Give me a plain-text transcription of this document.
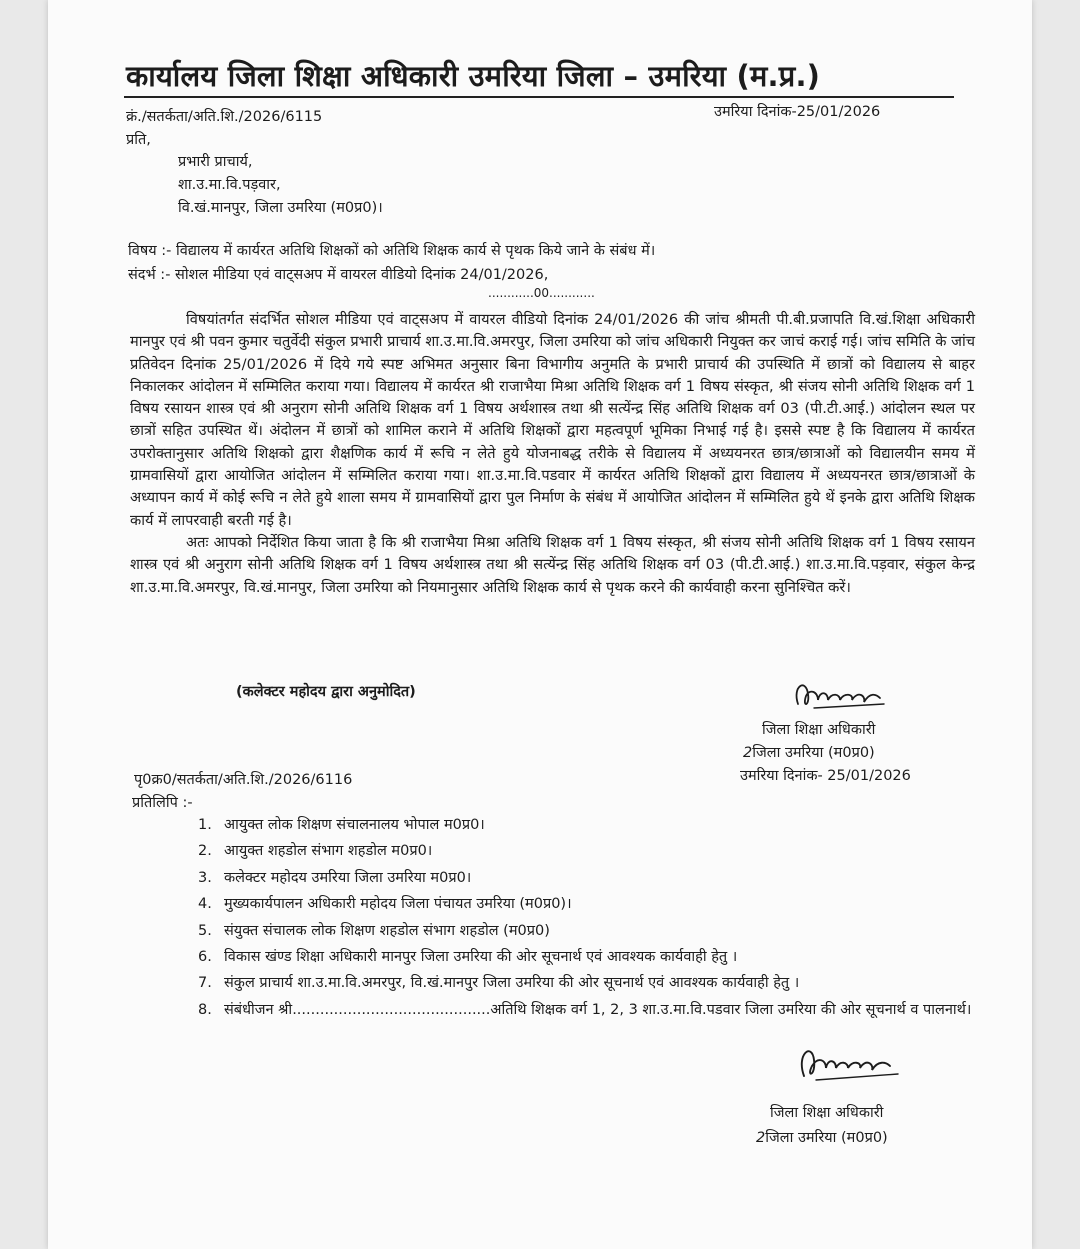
कार्यालय जिला शिक्षा अधिकारी उमरिया जिला – उमरिया (म.प्र.)
क्रं./सतर्कता/अति.शि./2026/6115	उमरिया दिनांक-25/01/2026
प्रति,
प्रभारी प्राचार्य,
शा.उ.मा.वि.पड़वार,
वि.खं.मानपुर, जिला उमरिया (म0प्र0)।
विषय :- विद्यालय में कार्यरत अतिथि शिक्षकों को अतिथि शिक्षक कार्य से पृथक किये जाने के संबंध में।
संदर्भ :- सोशल मीडिया एवं वाट्सअप में वायरल वीडियो दिनांक 24/01/2026,
............00............

विषयांतर्गत संदर्भित सोशल मीडिया एवं वाट्सअप में वायरल वीडियो दिनांक 24/01/2026 की जांच श्रीमती पी.बी.प्रजापति वि.खं.शिक्षा अधिकारी मानपुर एवं श्री पवन कुमार चतुर्वेदी संकुल प्रभारी प्राचार्य शा.उ.मा.वि.अमरपुर, जिला उमरिया को जांच अधिकारी नियुक्त कर जाचं कराई गई। जांच समिति के जांच प्रतिवेदन दिनांक 25/01/2026 में दिये गये स्पष्ट अभिमत अनुसार बिना विभागीय अनुमति के प्रभारी प्राचार्य की उपस्थिति में छात्रों को विद्यालय से बाहर निकालकर आंदोलन में सम्मिलित कराया गया। विद्यालय में कार्यरत श्री राजाभैया मिश्रा अतिथि शिक्षक वर्ग 1 विषय संस्कृत, श्री संजय सोनी अतिथि शिक्षक वर्ग 1 विषय रसायन शास्त्र एवं श्री अनुराग सोनी अतिथि शिक्षक वर्ग 1 विषय अर्थशास्त्र तथा श्री सत्येंन्द्र सिंह अतिथि शिक्षक वर्ग 03 (पी.टी.आई.) आंदोलन स्थल पर छात्रों सहित उपस्थित थें। अंदोलन में छात्रों को शामिल कराने में अतिथि शिक्षकों द्वारा महत्वपूर्ण भूमिका निभाई गई है। इससे स्पष्ट है कि विद्यालय में कार्यरत उपरोक्तानुसार अतिथि शिक्षको द्वारा शैक्षणिक कार्य में रूचि न लेते हुये योजनाबद्ध तरीके से विद्यालय में अध्ययनरत छात्र/छात्राओं को विद्यालयीन समय में ग्रामवासियों द्वारा आयोजित आंदोलन में सम्मिलित कराया गया। शा.उ.मा.वि.पडवार में कार्यरत अतिथि शिक्षकों द्वारा विद्यालय में अध्ययनरत छात्र/छात्राओं के अध्यापन कार्य में कोई रूचि न लेते हुये शाला समय में ग्रामवासियों द्वारा पुल निर्माण के संबंध में आयोजित आंदोलन में सम्मिलित हुये थें इनके द्वारा अतिथि शिक्षक कार्य में लापरवाही बरती गई है।

अतः आपको निर्देशित किया जाता है कि श्री राजाभैया मिश्रा अतिथि शिक्षक वर्ग 1 विषय संस्कृत, श्री संजय सोनी अतिथि शिक्षक वर्ग 1 विषय रसायन शास्त्र एवं श्री अनुराग सोनी अतिथि शिक्षक वर्ग 1 विषय अर्थशास्त्र तथा श्री सत्येंन्द्र सिंह अतिथि शिक्षक वर्ग 03 (पी.टी.आई.) शा.उ.मा.वि.पड़वार, संकुल केन्द्र शा.उ.मा.वि.अमरपुर, वि.खं.मानपुर, जिला उमरिया को नियमानुसार अतिथि शिक्षक कार्य से पृथक करने की कार्यवाही करना सुनिश्चित करें।

(कलेक्टर महोदय द्वारा अनुमोदित)
जिला शिक्षा अधिकारी
2जिला उमरिया (म0प्र0)
पृ0क्र0/सतर्कता/अति.शि./2026/6116	उमरिया दिनांक- 25/01/2026
प्रतिलिपि :-
1. आयुक्त लोक शिक्षण संचालनालय भोपाल म0प्र0।
2. आयुक्त शहडोल संभाग शहडोल म0प्र0।
3. कलेक्टर महोदय उमरिया जिला उमरिया म0प्र0।
4. मुख्यकार्यपालन अधिकारी महोदय जिला पंचायत उमरिया (म0प्र0)।
5. संयुक्त संचालक लोक शिक्षण शहडोल संभाग शहडोल (म0प्र0)
6. विकास खंण्ड शिक्षा अधिकारी मानपुर जिला उमरिया की ओर सूचनार्थ एवं आवश्यक कार्यवाही हेतु ।
7. संकुल प्राचार्य शा.उ.मा.वि.अमरपुर, वि.खं.मानपुर जिला उमरिया की ओर सूचनार्थ एवं आवश्यक कार्यवाही हेतु ।
8. संबंधीजन श्री...........................................अतिथि शिक्षक वर्ग 1, 2, 3 शा.उ.मा.वि.पडवार जिला उमरिया की ओर सूचनार्थ व पालनार्थ।
जिला शिक्षा अधिकारी
2जिला उमरिया (म0प्र0)
